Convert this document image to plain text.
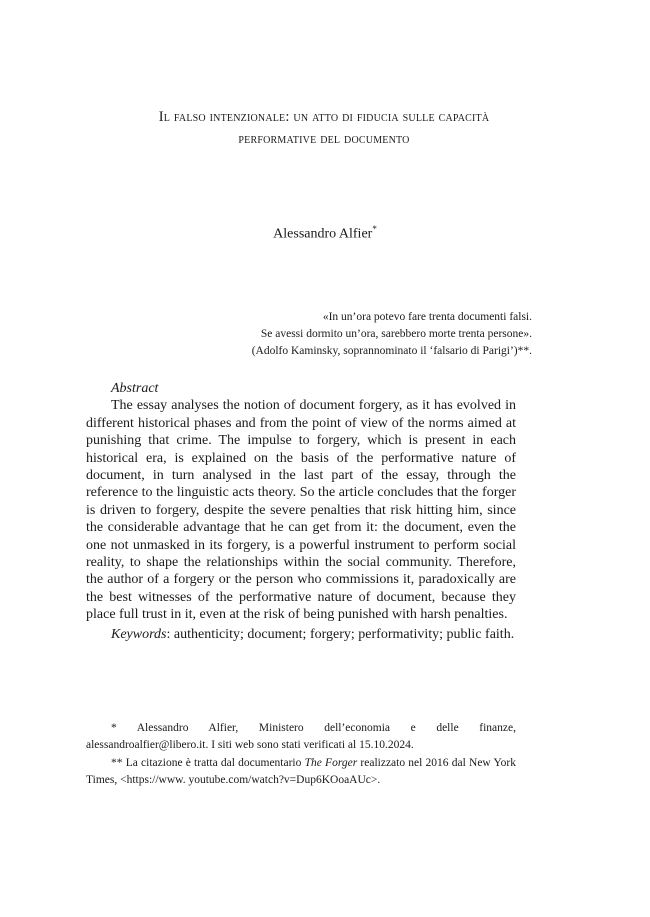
Il falso intenzionale: un atto di fiducia sulle capacità
performative del documento
Alessandro Alfier*
«In un’ora potevo fare trenta documenti falsi.
Se avessi dormito un’ora, sarebbero morte trenta persone».
(Adolfo Kaminsky, soprannominato il ‘falsario di Parigi’)**.
Abstract

The essay analyses the notion of document forgery, as it has evolved in different historical phases and from the point of view of the norms aimed at punishing that crime. The impulse to forgery, which is present in each historical era, is explained on the basis of the performative nature of document, in turn analysed in the last part of the essay, through the reference to the linguistic acts theory. So the article concludes that the forger is driven to forgery, despite the severe penalties that risk hitting him, since the considerable advantage that he can get from it: the document, even the one not unmasked in its forgery, is a powerful instrument to perform social reality, to shape the relationships within the social community. Therefore, the author of a forgery or the person who commissions it, paradoxically are the best witnesses of the performative nature of document, because they place full trust in it, even at the risk of being punished with harsh penalties.

Keywords: authenticity; document; forgery; performativity; public faith.

* Alessandro Alfier, Ministero dell’economia e delle finanze, alessandroalfier@libero.it. I siti web sono stati verificati al 15.10.2024.

** La citazione è tratta dal documentario The Forger realizzato nel 2016 dal New York Times, <https://www. youtube.com/watch?v=Dup6KOoaAUc>.
